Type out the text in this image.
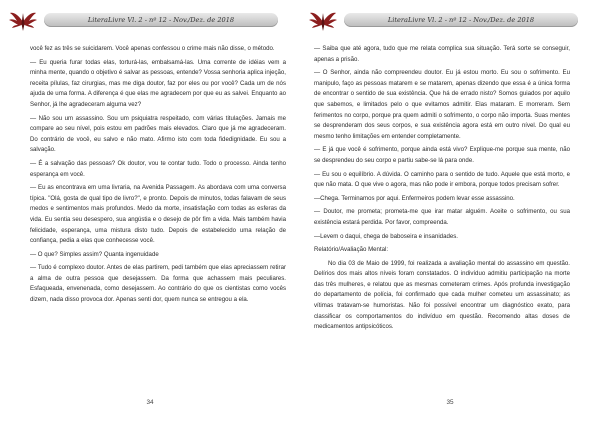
LiteraLivre Vl. 2 - nº 12 - Nov./Dez. de 2018

você fez as três se suicidarem. Você apenas confessou o crime mais não disse, o método.

— Eu queria furar todas elas, torturá-las, embalsamá-las. Uma corrente de idéias vem a minha mente, quando o objetivo é salvar as pessoas, entende? Vossa senhoria aplica injeção, receita pílulas, faz cirurgias, mas me diga doutor, faz por eles ou por você? Cada um de nós ajuda de uma forma. A diferença é que elas me agradecem por que eu as salvei. Enquanto ao Senhor, já lhe agradeceram alguma vez?

— Não sou um assassino. Sou um psiquiatra respeitado, com várias titulações. Jamais me compare ao seu nível, pois estou em padrões mais elevados. Claro que já me agradeceram. Do contrário de você, eu salvo e não mato. Afirmo isto com toda fidedignidade. Eu sou a salvação.

— É a salvação das pessoas? Ok doutor, vou te contar tudo. Todo o processo. Ainda tenho esperança em você.

— Eu as encontrava em uma livraria, na Avenida Passagem. As abordava com uma conversa típica. "Olá, gosta de qual tipo de livro?", e pronto. Depois de minutos, todas falavam de seus medos e sentimentos mais profundos. Medo da morte, insatisfação com todas as esferas da vida. Eu sentia seu desespero, sua angústia e o desejo de pôr fim a vida. Mais também havia felicidade, esperança, uma mistura disto tudo. Depois de estabelecido uma relação de confiança, pedia a elas que conhecesse você.

— O que? Simples assim? Quanta ingenuidade

— Tudo é complexo doutor. Antes de elas partirem, pedi também que elas apreciassem retirar a alma de outra pessoa que desejassem. Da forma que achassem mais peculiares. Esfaqueada, envenenada, como desejassem. Ao contrário do que os cientistas como vocês dizem, nada disso provoca dor. Apenas senti dor, quem nunca se entregou a ela.

34
LiteraLivre Vl. 2 - nº 12 - Nov./Dez. de 2018

— Saiba que até agora, tudo que me relata complica sua situação. Terá sorte se conseguir, apenas a prisão.

— O Senhor, ainda não compreendeu doutor. Eu já estou morto. Eu sou o sofrimento. Eu manipulo, faço as pessoas matarem e se matarem, apenas dizendo que essa é a única forma de encontrar o sentido de sua existência. Que há de errado nisto? Somos guiados por aquilo que sabemos, e limitados pelo o que evitamos admitir. Elas mataram. E morreram. Sem ferimentos no corpo, porque pra quem admiti o sofrimento, o corpo não importa. Suas mentes se desprenderam dos seus corpos, e sua existência agora está em outro nível. Do qual eu mesmo tenho limitações em entender completamente.

— E já que você é sofrimento, porque ainda está vivo? Explique-me porque sua mente, não se desprendeu do seu corpo e partiu sabe-se lá para onde.

— Eu sou o equilíbrio. A dúvida. O caminho para o sentido de tudo. Aquele que está morto, e que não mata. O que vive o agora, mas não pode ir embora, porque todos precisam sofrer.

—Chega. Terminamos por aqui. Enfermeiros podem levar esse assassino.

— Doutor, me prometa; prometa-me que irar matar alguém. Aceite o sofrimento, ou sua existência estará perdida. Por favor, compreenda.

—Levem o daqui, chega de baboseira e insanidades.

Relatório/Avaliação Mental:

No dia 03 de Maio de 1999, foi realizada a avaliação mental do assassino em questão. Delírios dos mais altos níveis foram constatados. O indivíduo admitiu participação na morte das três mulheres, e relatou que as mesmas cometeram crimes. Após profunda investigação do departamento de polícia, foi confirmado que cada mulher cometeu um assassinato; as vítimas tratavam-se humoristas. Não foi possível encontrar um diagnóstico exato, para classificar os comportamentos do indivíduo em questão. Recomendo altas doses de medicamentos antipsicóticos.

35
